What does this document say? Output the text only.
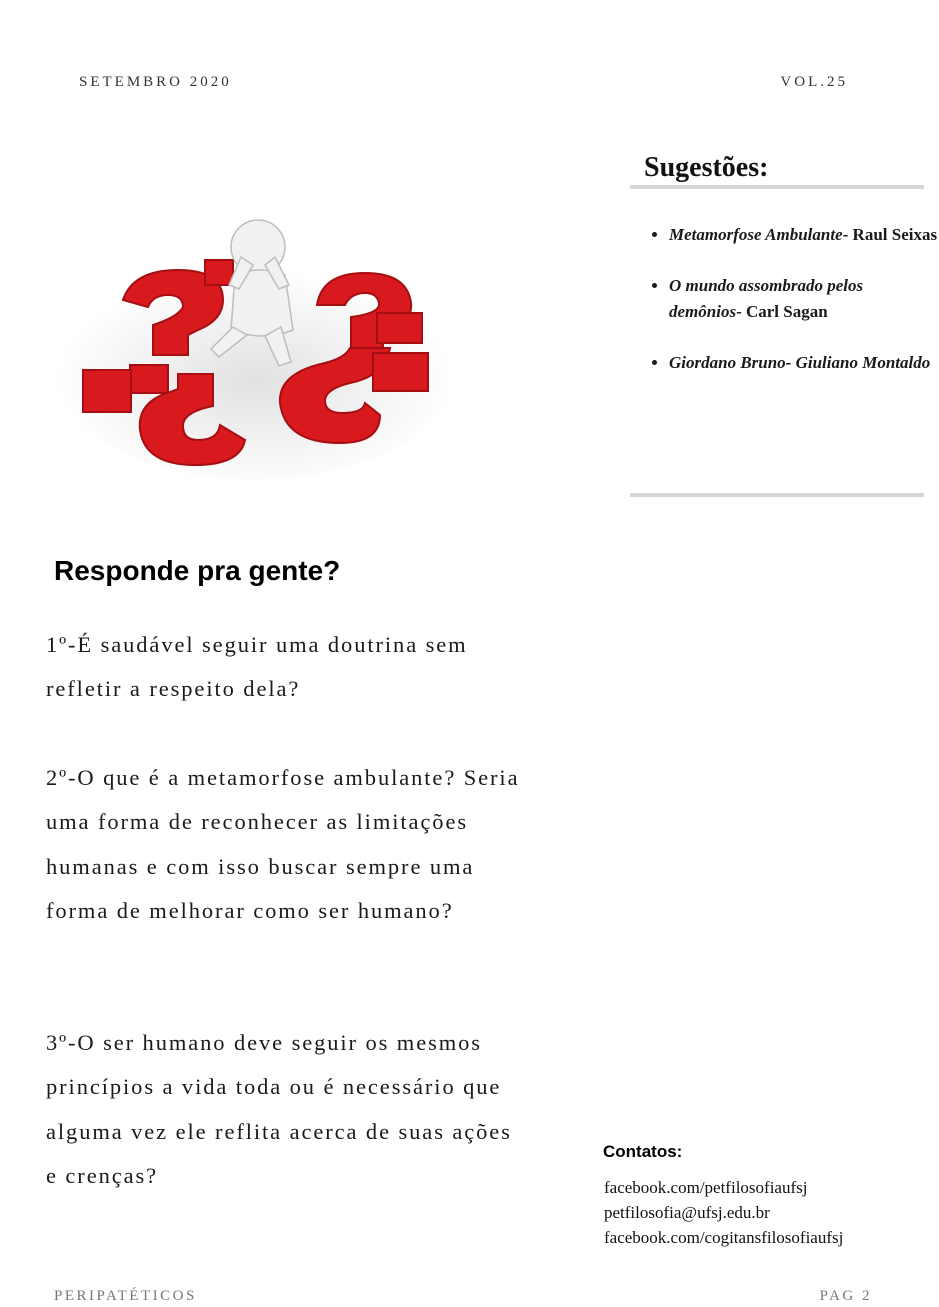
SETEMBRO 2020	VOL.25
Sugestões:
• Metamorfose Ambulante- Raul Seixas
• O mundo assombrado pelos demônios- Carl Sagan
• Giordano Bruno- Giuliano Montaldo
Responde pra gente?

1º-É saudável seguir uma doutrina sem refletir a respeito dela?

2º-O que é a metamorfose ambulante? Seria uma forma de reconhecer as limitações humanas e com isso buscar sempre uma forma de melhorar como ser humano?

3º-O ser humano deve seguir os mesmos princípios a vida toda ou é necessário que alguma vez ele reflita acerca de suas ações e crenças?

Contatos:
facebook.com/petfilosofiaufsj
petfilosofia@ufsj.edu.br
facebook.com/cogitansfilosofiaufsj
PERIPATÉTICOS	PAG 2
